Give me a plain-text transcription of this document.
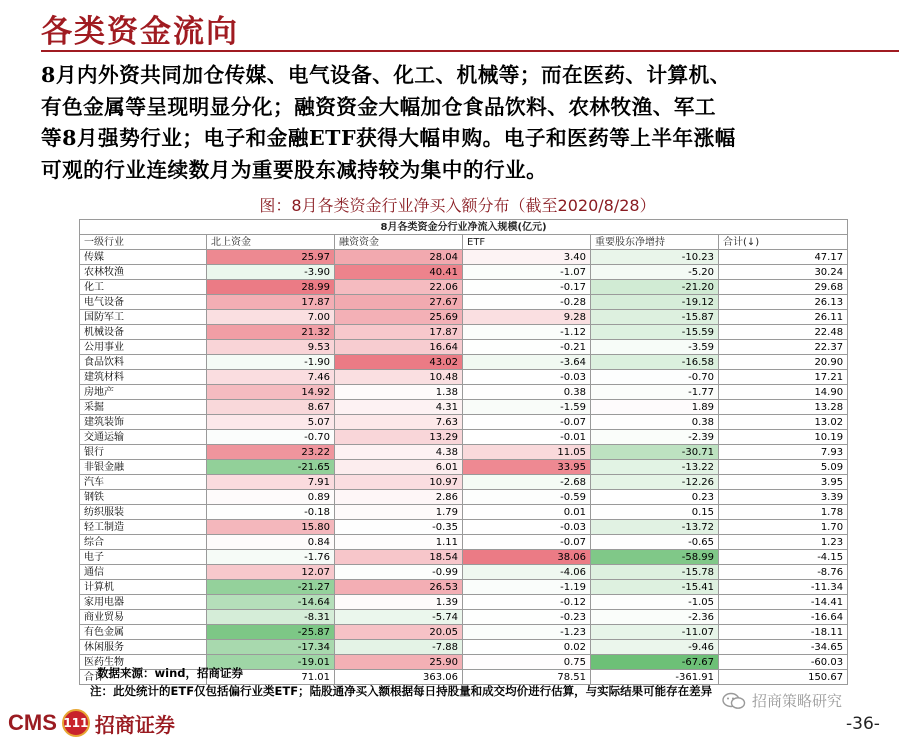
各类资金流向
8月内外资共同加仓传媒、电气设备、化工、机械等；而在医药、计算机、
有色金属等呈现明显分化；融资资金大幅加仓食品饮料、农林牧渔、军工
等8月强势行业；电子和金融ETF获得大幅申购。电子和医药等上半年涨幅
可观的行业连续数月为重要股东减持较为集中的行业。
图：8月各类资金行业净买入额分布（截至2020/8/28）
8月各类资金分行业净流入规模(亿元)					
一级行业	北上资金	融资资金	ETF	重要股东净增持	合计(↓)
传媒	25.97	28.04	3.40	-10.23	47.17
农林牧渔	-3.90	40.41	-1.07	-5.20	30.24
化工	28.99	22.06	-0.17	-21.20	29.68
电气设备	17.87	27.67	-0.28	-19.12	26.13
国防军工	7.00	25.69	9.28	-15.87	26.11
机械设备	21.32	17.87	-1.12	-15.59	22.48
公用事业	9.53	16.64	-0.21	-3.59	22.37
食品饮料	-1.90	43.02	-3.64	-16.58	20.90
建筑材料	7.46	10.48	-0.03	-0.70	17.21
房地产	14.92	1.38	0.38	-1.77	14.90
采掘	8.67	4.31	-1.59	1.89	13.28
建筑装饰	5.07	7.63	-0.07	0.38	13.02
交通运输	-0.70	13.29	-0.01	-2.39	10.19
银行	23.22	4.38	11.05	-30.71	7.93
非银金融	-21.65	6.01	33.95	-13.22	5.09
汽车	7.91	10.97	-2.68	-12.26	3.95
钢铁	0.89	2.86	-0.59	0.23	3.39
纺织服装	-0.18	1.79	0.01	0.15	1.78
轻工制造	15.80	-0.35	-0.03	-13.72	1.70
综合	0.84	1.11	-0.07	-0.65	1.23
电子	-1.76	18.54	38.06	-58.99	-4.15
通信	12.07	-0.99	-4.06	-15.78	-8.76
计算机	-21.27	26.53	-1.19	-15.41	-11.34
家用电器	-14.64	1.39	-0.12	-1.05	-14.41
商业贸易	-8.31	-5.74	-0.23	-2.36	-16.64
有色金属	-25.87	20.05	-1.23	-11.07	-18.11
休闲服务	-17.34	-7.88	0.02	-9.46	-34.65
医药生物	-19.01	25.90	0.75	-67.67	-60.03
合计	71.01	363.06	78.51	-361.91	150.67
数据来源：wind，招商证券
注：此处统计的ETF仅包括偏行业类ETF；陆股通净买入额根据每日持股量和成交均价进行估算，与实际结果可能存在差异
CMS 111 招商证券
招商策略研究
-36-
